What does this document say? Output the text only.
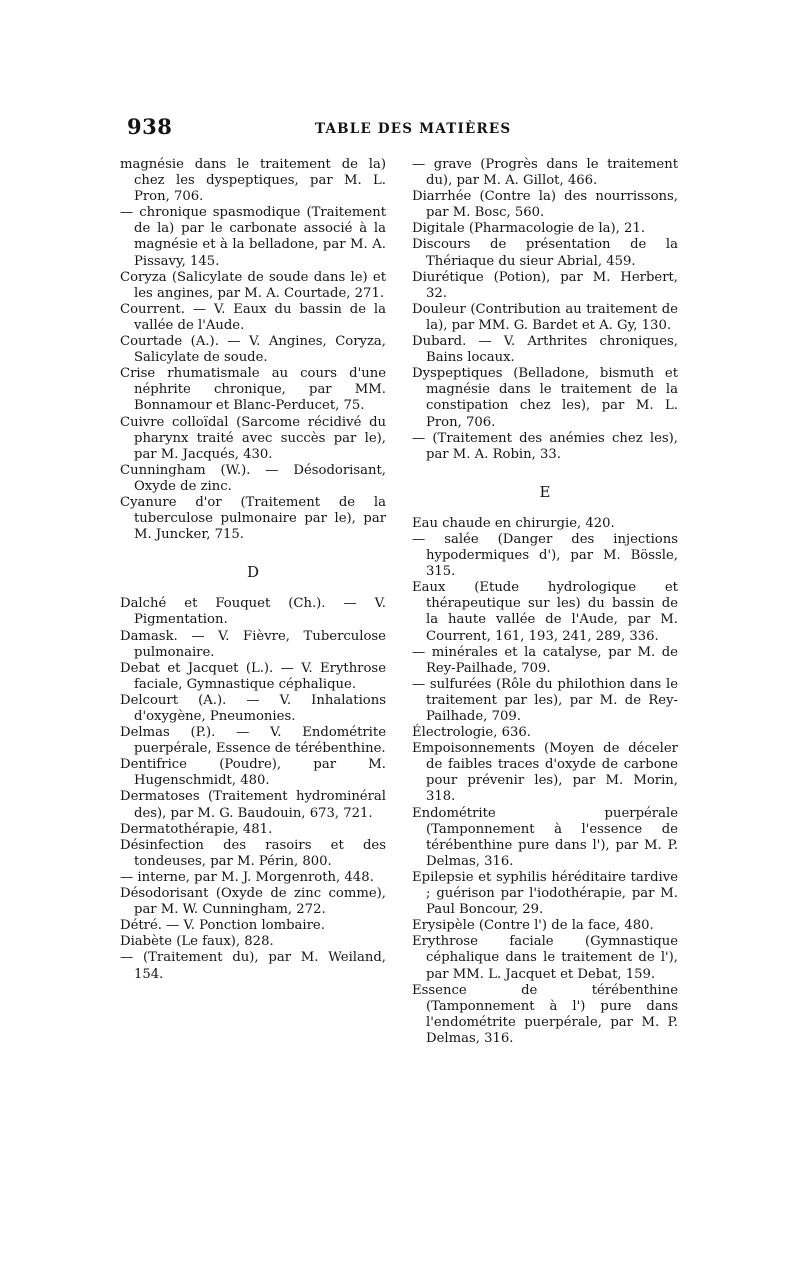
938	TABLE DES MATIÈRES

magnésie dans le traitement de la) chez les dyspeptiques, par M. L. Pron, 706.

— chronique spasmodique (Traitement de la) par le carbonate associé à la magnésie et à la belladone, par M. A. Pissavy, 145.

Coryza (Salicylate de soude dans le) et les angines, par M. A. Courtade, 271.

Courrent. — V. Eaux du bassin de la vallée de l'Aude.

Courtade (A.). — V. Angines, Coryza, Salicylate de soude.

Crise rhumatismale au cours d'une néphrite chronique, par MM. Bonnamour et Blanc-Perducet, 75.

Cuivre colloïdal (Sarcome récidivé du pharynx traité avec succès par le), par M. Jacqués, 430.

Cunningham (W.). — Désodorisant, Oxyde de zinc.

Cyanure d'or (Traitement de la tuberculose pulmonaire par le), par M. Juncker, 715.

D

Dalché et Fouquet (Ch.). — V. Pigmentation.

Damask. — V. Fièvre, Tuberculose pulmonaire.

Debat et Jacquet (L.). — V. Erythrose faciale, Gymnastique céphalique.

Delcourt (A.). — V. Inhalations d'oxygène, Pneumonies.

Delmas (P.). — V. Endométrite puerpérale, Essence de térébenthine.

Dentifrice (Poudre), par M. Hugenschmidt, 480.

Dermatoses (Traitement hydrominéral des), par M. G. Baudouin, 673, 721.

Dermatothérapie, 481.

Désinfection des rasoirs et des tondeuses, par M. Périn, 800.

— interne, par M. J. Morgenroth, 448.

Désodorisant (Oxyde de zinc comme), par M. W. Cunningham, 272.

Détré. — V. Ponction lombaire.

Diabète (Le faux), 828.

— (Traitement du), par M. Weiland, 154.

— grave (Progrès dans le traitement du), par M. A. Gillot, 466.

Diarrhée (Contre la) des nourrissons, par M. Bosc, 560.

Digitale (Pharmacologie de la), 21.

Discours de présentation de la Thériaque du sieur Abrial, 459.

Diurétique (Potion), par M. Herbert, 32.

Douleur (Contribution au traitement de la), par MM. G. Bardet et A. Gy, 130.

Dubard. — V. Arthrites chroniques, Bains locaux.

Dyspeptiques (Belladone, bismuth et magnésie dans le traitement de la constipation chez les), par M. L. Pron, 706.

— (Traitement des anémies chez les), par M. A. Robin, 33.

E

Eau chaude en chirurgie, 420.

— salée (Danger des injections hypodermiques d'), par M. Bössle, 315.

Eaux (Etude hydrologique et thérapeutique sur les) du bassin de la haute vallée de l'Aude, par M. Courrent, 161, 193, 241, 289, 336.

— minérales et la catalyse, par M. de Rey-Pailhade, 709.

— sulfurées (Rôle du philothion dans le traitement par les), par M. de Rey-Pailhade, 709.

Électrologie, 636.

Empoisonnements (Moyen de déceler de faibles traces d'oxyde de carbone pour prévenir les), par M. Morin, 318.

Endométrite puerpérale (Tamponnement à l'essence de térébenthine pure dans l'), par M. P. Delmas, 316.

Epilepsie et syphilis héréditaire tardive ; guérison par l'iodothérapie, par M. Paul Boncour, 29.

Erysipèle (Contre l') de la face, 480.

Erythrose faciale (Gymnastique céphalique dans le traitement de l'), par MM. L. Jacquet et Debat, 159.

Essence de térébenthine (Tamponnement à l') pure dans l'endométrite puerpérale, par M. P. Delmas, 316.
